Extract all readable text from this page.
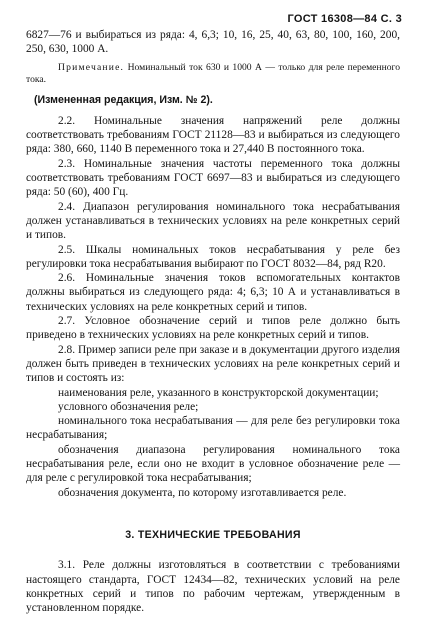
ГОСТ 16308—84 С. 3

6827—76 и выбираться из ряда: 4, 6,3; 10, 16, 25, 40, 63, 80, 100, 160, 200, 250, 630, 1000 А.

Примечание. Номинальный ток 630 и 1000 А — только для реле переменного тока.

(Измененная редакция, Изм. № 2).

2.2. Номинальные значения напряжений реле должны соответствовать требованиям ГОСТ 21128—83 и выбираться из следующего ряда: 380, 660, 1140 В переменного тока и 27,440 В постоянного тока.

2.3. Номинальные значения частоты переменного тока должны соответствовать требованиям ГОСТ 6697—83 и выбираться из следующего ряда: 50 (60), 400 Гц.

2.4. Диапазон регулирования номинального тока несрабатывания должен устанавливаться в технических условиях на реле конкретных серий и типов.

2.5. Шкалы номинальных токов несрабатывания у реле без регулировки тока несрабатывания выбирают по ГОСТ 8032—84, ряд R20.

2.6. Номинальные значения токов вспомогательных контактов должны выбираться из следующего ряда: 4; 6,3; 10 А и устанавливаться в технических условиях на реле конкретных серий и типов.

2.7. Условное обозначение серий и типов реле должно быть приведено в технических условиях на реле конкретных серий и типов.

2.8. Пример записи реле при заказе и в документации другого изделия должен быть приведен в технических условиях на реле конкретных серий и типов и состоять из:

наименования реле, указанного в конструкторской документации;

условного обозначения реле;

номинального тока несрабатывания — для реле без регулировки тока несрабатывания;

обозначения диапазона регулирования номинального тока несрабатывания реле, если оно не входит в условное обозначение реле — для реле с регулировкой тока несрабатывания;

обозначения документа, по которому изготавливается реле.

3. ТЕХНИЧЕСКИЕ ТРЕБОВАНИЯ

3.1. Реле должны изготовляться в соответствии с требованиями настоящего стандарта, ГОСТ 12434—82, технических условий на реле конкретных серий и типов по рабочим чертежам, утвержденным в установленном порядке.
